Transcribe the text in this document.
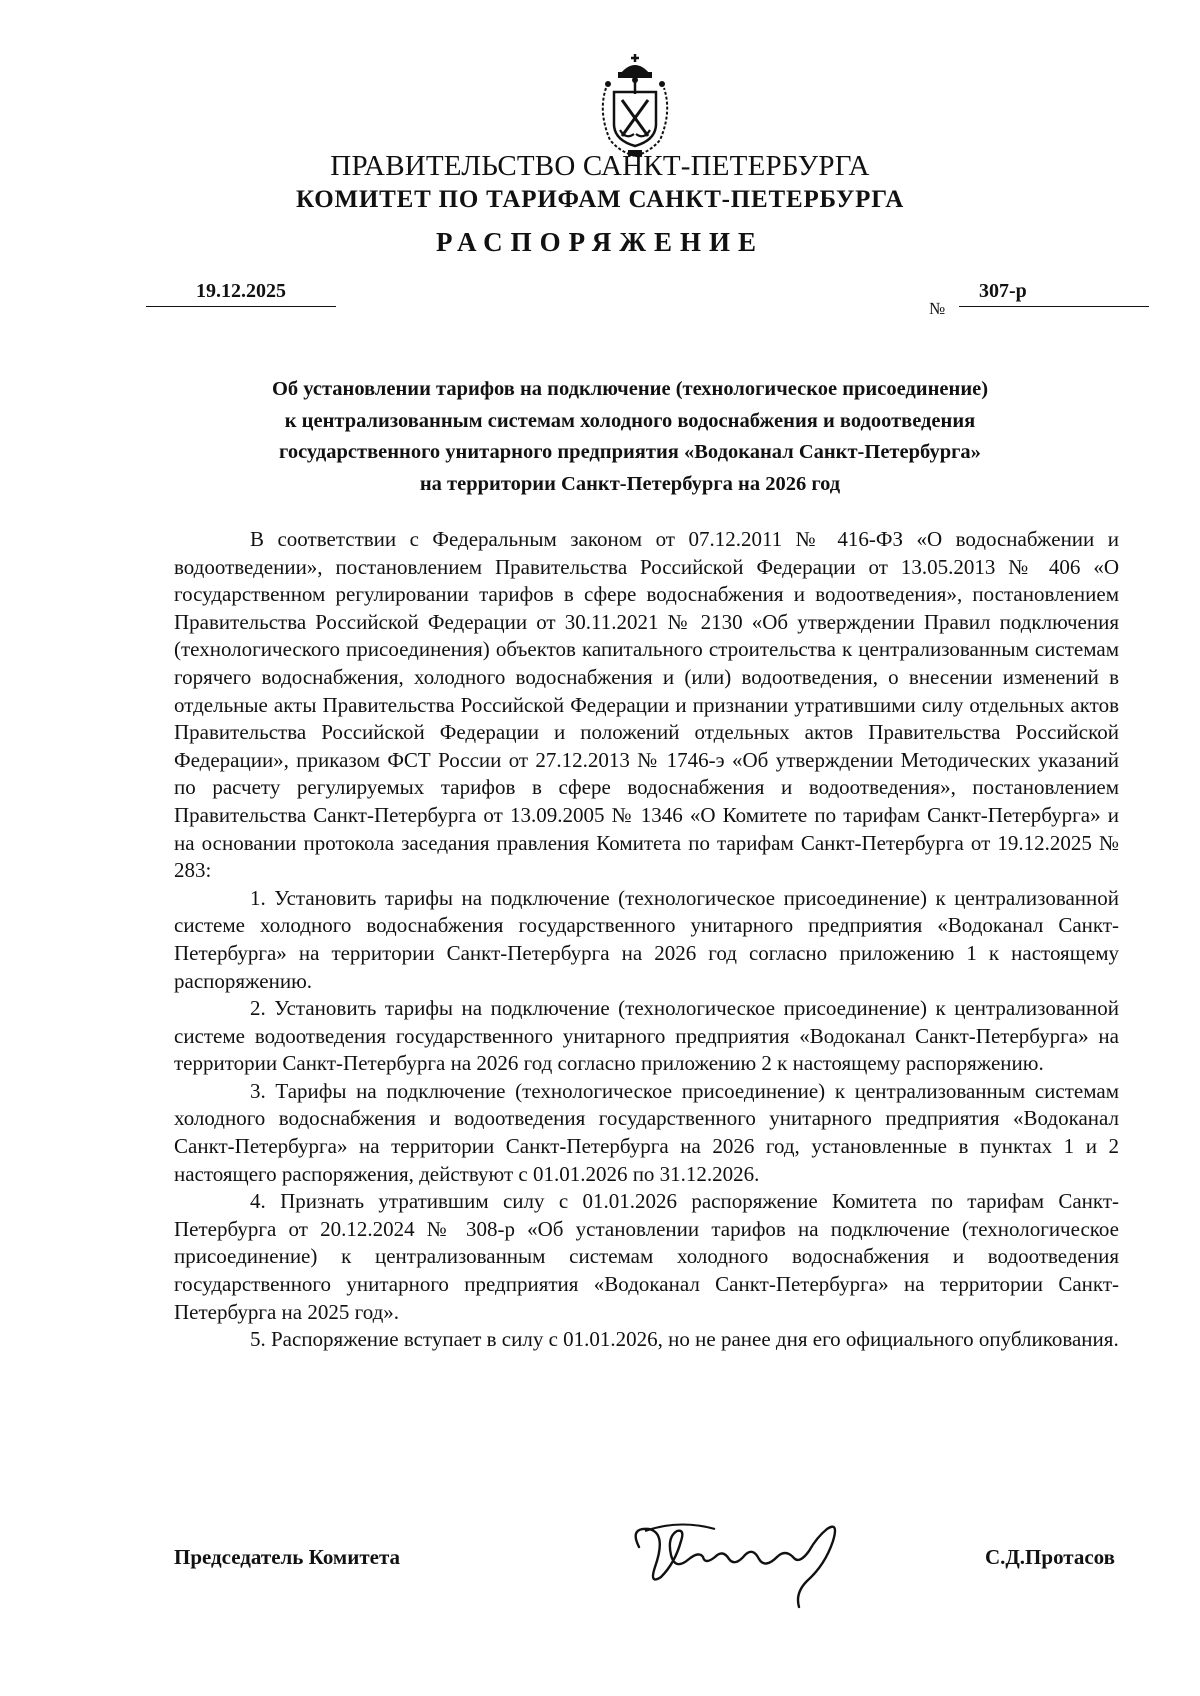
ПРАВИТЕЛЬСТВО САНКТ-ПЕТЕРБУРГА
КОМИТЕТ ПО ТАРИФАМ САНКТ-ПЕТЕРБУРГА
РАСПОРЯЖЕНИЕ
19.12.2025
№
307-р
Об установлении тарифов на подключение (технологическое присоединение)
к централизованным системам холодного водоснабжения и водоотведения
государственного унитарного предприятия «Водоканал Санкт-Петербурга»
на территории Санкт-Петербурга на 2026 год

В соответствии с Федеральным законом от 07.12.2011 № 416-ФЗ «О водоснабжении и водоотведении», постановлением Правительства Российской Федерации от 13.05.2013 № 406 «О государственном регулировании тарифов в сфере водоснабжения и водоотведения», постановлением Правительства Российской Федерации от 30.11.2021 № 2130 «Об утверждении Правил подключения (технологического присоединения) объектов капитального строительства к централизованным системам горячего водоснабжения, холодного водоснабжения и (или) водоотведения, о внесении изменений в отдельные акты Правительства Российской Федерации и признании утратившими силу отдельных актов Правительства Российской Федерации и положений отдельных актов Правительства Российской Федерации», приказом ФСТ России от 27.12.2013 № 1746-э «Об утверждении Методических указаний по расчету регулируемых тарифов в сфере водоснабжения и водоотведения», постановлением Правительства Санкт-Петербурга от 13.09.2005 № 1346 «О Комитете по тарифам Санкт-Петербурга» и на основании протокола заседания правления Комитета по тарифам Санкт-Петербурга от 19.12.2025 № 283:

1. Установить тарифы на подключение (технологическое присоединение) к централизованной системе холодного водоснабжения государственного унитарного предприятия «Водоканал Санкт-Петербурга» на территории Санкт-Петербурга на 2026 год согласно приложению 1 к настоящему распоряжению.

2. Установить тарифы на подключение (технологическое присоединение) к централизованной системе водоотведения государственного унитарного предприятия «Водоканал Санкт-Петербурга» на территории Санкт-Петербурга на 2026 год согласно приложению 2 к настоящему распоряжению.

3. Тарифы на подключение (технологическое присоединение) к централизованным системам холодного водоснабжения и водоотведения государственного унитарного предприятия «Водоканал Санкт-Петербурга» на территории Санкт-Петербурга на 2026 год, установленные в пунктах 1 и 2 настоящего распоряжения, действуют с 01.01.2026 по 31.12.2026.

4. Признать утратившим силу с 01.01.2026 распоряжение Комитета по тарифам Санкт-Петербурга от 20.12.2024 № 308-р «Об установлении тарифов на подключение (технологическое присоединение) к централизованным системам холодного водоснабжения и водоотведения государственного унитарного предприятия «Водоканал Санкт-Петербурга» на территории Санкт-Петербурга на 2025 год».

5. Распоряжение вступает в силу с 01.01.2026, но не ранее дня его официального опубликования.

Председатель Комитета	С.Д.Протасов
